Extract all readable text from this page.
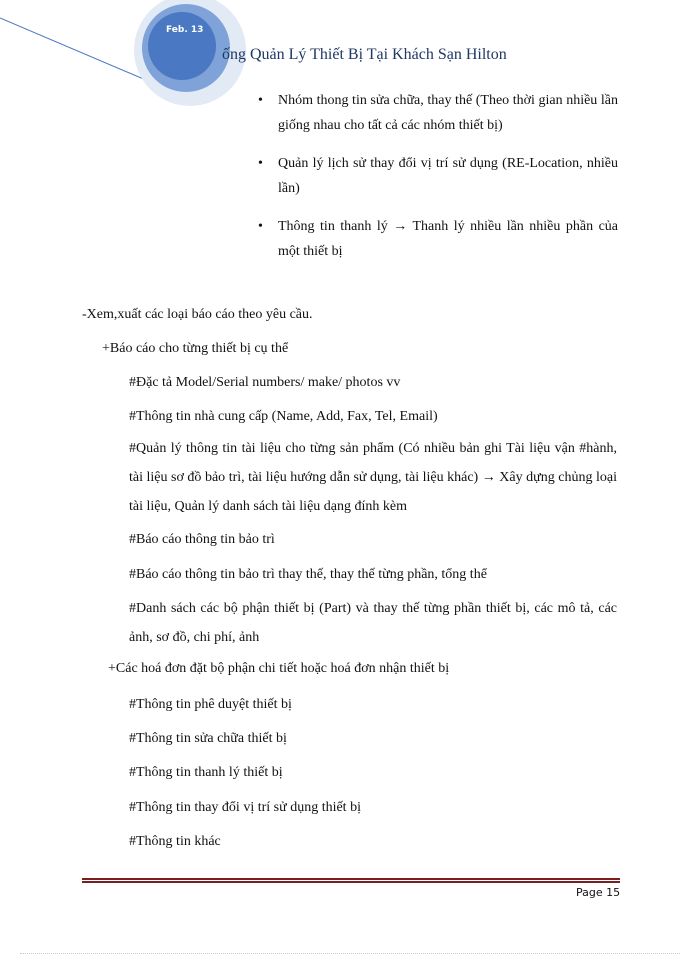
Feb. 13
ống Quản Lý Thiết Bị Tại Khách Sạn Hilton
• Nhóm thong tin sửa chữa, thay thế (Theo thời gian nhiều lần giống nhau cho tất cả các nhóm thiết bị)
• Quản lý lịch sử thay đổi vị trí sử dụng (RE-Location, nhiều lần)
• Thông tin thanh lý → Thanh lý nhiều lần nhiều phần của một thiết bị
-Xem,xuất các loại báo cáo theo yêu cầu.
+Báo cáo cho từng thiết bị cụ thể
#Đặc tả Model/Serial numbers/ make/ photos vv
#Thông tin nhà cung cấp (Name, Add, Fax, Tel, Email)
#Quản lý thông tin tài liệu cho từng sản phẩm (Có nhiều bản ghi Tài liệu vận #hành, tài liệu sơ đồ bảo trì, tài liệu hướng dẫn sử dụng, tài liệu khác) → Xây dựng chủng loại tài liệu, Quản lý danh sách tài liệu dạng đính kèm
#Báo cáo thông tin bảo trì
#Báo cáo thông tin bảo trì thay thế, thay thế từng phần, tổng thể
#Danh sách các bộ phận thiết bị (Part) và thay thế từng phần thiết bị, các mô tả, các ảnh, sơ đồ, chi phí, ảnh
+Các hoá đơn đặt bộ phận chi tiết hoặc hoá đơn nhận thiết bị
#Thông tin phê duyệt thiết bị
#Thông tin sửa chữa thiết bị
#Thông tin thanh lý thiết bị
#Thông tin thay đổi vị trí sử dụng thiết bị
#Thông tin khác
Page 15
